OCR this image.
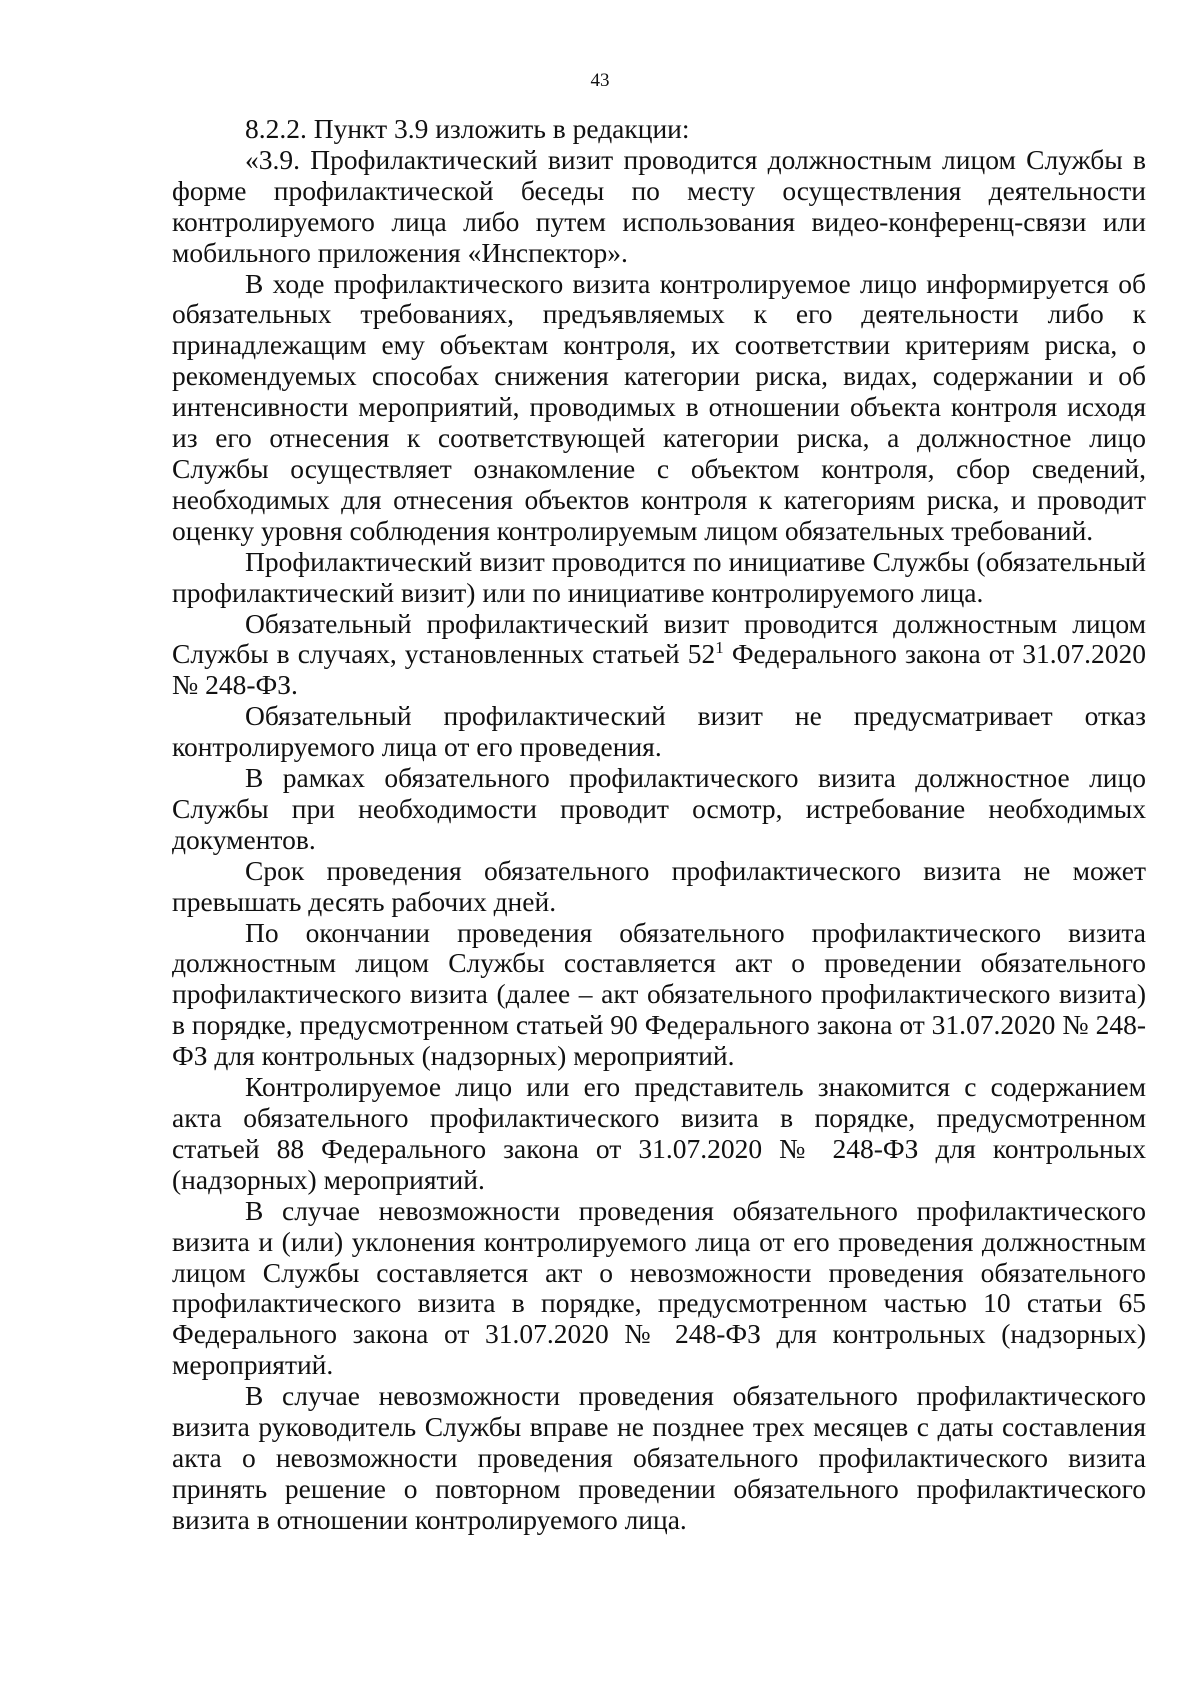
43

8.2.2. Пункт 3.9 изложить в редакции:

«3.9. Профилактический визит проводится должностным лицом Службы в форме профилактической беседы по месту осуществления деятельности контролируемого лица либо путем использования видео-конференц-связи или мобильного приложения «Инспектор».

В ходе профилактического визита контролируемое лицо информируется об обязательных требованиях, предъявляемых к его деятельности либо к принадлежащим ему объектам контроля, их соответствии критериям риска, о рекомендуемых способах снижения категории риска, видах, содержании и об интенсивности мероприятий, проводимых в отношении объекта контроля исходя из его отнесения к соответствующей категории риска, а должностное лицо Службы осуществляет ознакомление с объектом контроля, сбор сведений, необходимых для отнесения объектов контроля к категориям риска, и проводит оценку уровня соблюдения контролируемым лицом обязательных требований.

Профилактический визит проводится по инициативе Службы (обязательный профилактический визит) или по инициативе контролируемого лица.

Обязательный профилактический визит проводится должностным лицом Службы в случаях, установленных статьей $52^1$ Федерального закона от 31.07.2020 № 248-ФЗ.

Обязательный профилактический визит не предусматривает отказ контролируемого лица от его проведения.

В рамках обязательного профилактического визита должностное лицо Службы при необходимости проводит осмотр, истребование необходимых документов.

Срок проведения обязательного профилактического визита не может превышать десять рабочих дней.

По окончании проведения обязательного профилактического визита должностным лицом Службы составляется акт о проведении обязательного профилактического визита (далее – акт обязательного профилактического визита) в порядке, предусмотренном статьей 90 Федерального закона от 31.07.2020 № 248-ФЗ для контрольных (надзорных) мероприятий.

Контролируемое лицо или его представитель знакомится с содержанием акта обязательного профилактического визита в порядке, предусмотренном статьей 88 Федерального закона от 31.07.2020 № 248-ФЗ для контрольных (надзорных) мероприятий.

В случае невозможности проведения обязательного профилактического визита и (или) уклонения контролируемого лица от его проведения должностным лицом Службы составляется акт о невозможности проведения обязательного профилактического визита в порядке, предусмотренном частью 10 статьи 65 Федерального закона от 31.07.2020 № 248-ФЗ для контрольных (надзорных) мероприятий.

В случае невозможности проведения обязательного профилактического визита руководитель Службы вправе не позднее трех месяцев с даты составления акта о невозможности проведения обязательного профилактического визита принять решение о повторном проведении обязательного профилактического визита в отношении контролируемого лица.
